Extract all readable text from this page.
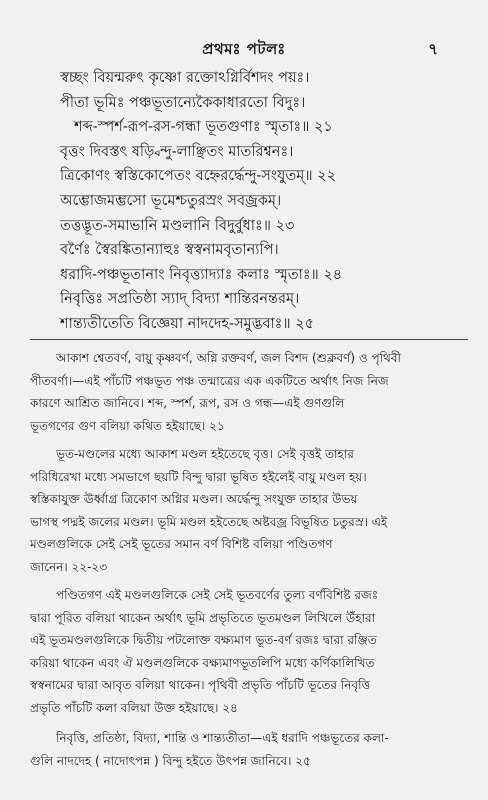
প্রথমঃ পটলঃ	৭
স্বচ্ছং বিয়ন্মরুৎ কৃষ্ণো রক্তোঽগ্নির্বিশদং পয়ঃ।
পীতা ভূমিঃ পঞ্চভূতান্যেকৈকাধারতো বিদুঃ।
শব্দ-স্পর্শ-রূপ-রস-গন্ধা ভূতগুণাঃ স্মৃতাঃ॥ ২১
বৃত্তং দিবস্তৎ ষড়্বিন্দু-লাঞ্ছিতং মাতরিশ্বনঃ।
ত্রিকোণং স্বস্তিকোপেতং বহ্নেরর্দ্ধেন্দু-সংযুতম্॥ ২২
অম্ভোজমম্ভসো ভূমেশ্চতুরস্রং সবজ্রকম্।
তত্তদ্ভূত-সমাভানি মণ্ডলানি বিদুর্বুধাঃ॥ ২৩
বর্ণৈঃ স্বৈরঙ্কিতান্যাহুঃ স্বস্বনামবৃতান্যপি।
ধরাদি-পঞ্চভূতানাং নিবৃত্ত্যাদ্যাঃ কলাঃ স্মৃতাঃ॥ ২৪
নিবৃত্তিঃ সপ্রতিষ্ঠা স্যাদ্ বিদ্যা শান্তিরনন্তরম্।
শান্ত্যতীতেতি বিজ্ঞেয়া নাদদেহ-সমুদ্ভবাঃ॥ ২৫
আকাশ শ্বেতবর্ণ, বায়ু কৃষ্ণবর্ণ, অগ্নি রক্তবর্ণ, জল বিশদ (শুক্লবর্ণ) ও পৃথিবী
পীতবর্ণা।—এই পাঁচটি পঞ্চভূত পঞ্চ তন্মাত্রের এক একটিতে অর্থাৎ নিজ নিজ
কারণে আশ্রিত জানিবে। শব্দ, স্পর্শ, রূপ, রস ও গন্ধ—এই গুণগুলি
ভূতগণের গুণ বলিয়া কথিত হইয়াছে। ২১
ভূত-মণ্ডলের মধ্যে আকাশ মণ্ডল হইতেছে বৃত্ত। সেই বৃত্তই তাহার
পরিধিরেখা মধ্যে সমভাগে ছয়টি বিন্দু দ্বারা ভূষিত হইলেই বায়ু মণ্ডল হয়।
স্বস্তিকাযুক্ত ঊর্ধ্বাগ্র ত্রিকোণ অগ্নির মণ্ডল। অর্দ্ধেন্দু সংযুক্ত তাহার উভয়
ভাগস্থ পদ্মই জলের মণ্ডল। ভূমি মণ্ডল হইতেছে অষ্টবজ্র বিভূষিত চতুরস্র। এই
মণ্ডলগুলিকে সেই সেই ভূতের সমান বর্ণ বিশিষ্ট বলিয়া পণ্ডিতগণ
জানেন। ২২-২৩
পণ্ডিতগণ এই মণ্ডলগুলিকে সেই সেই ভূতবর্ণের তুল্য বর্ণবিশিষ্ট রজঃ
দ্বারা পূরিত বলিয়া থাকেন অর্থাৎ ভূমি প্রভৃতিতে ভূতমণ্ডল লিখিলে উঁহারা
এই ভূতমণ্ডলগুলিকে দ্বিতীয় পটলোক্ত বক্ষ্যমাণ ভূত-বর্ণ রজঃ দ্বারা রঞ্জিত
করিয়া থাকেন এবং ঐ মণ্ডলগুলিকে বক্ষ্যমাণভূতলিপি মধ্যে কর্ণিকালিখিত
স্বস্বনামের দ্বারা আবৃত বলিয়া থাকেন। পৃথিবী প্রভৃতি পাঁচটি ভূতের নিবৃত্তি
প্রভৃতি পাঁচটি কলা বলিয়া উক্ত হইয়াছে। ২৪
নিবৃত্তি, প্রতিষ্ঠা, বিদ্যা, শান্তি ও শান্ত্যতীতা—এই ধরাদি পঞ্চভূতের কলা-
গুলি নাদদেহ ( নাদোৎপন্ন ) বিন্দু হইতে উৎপন্ন জানিবে। ২৫
